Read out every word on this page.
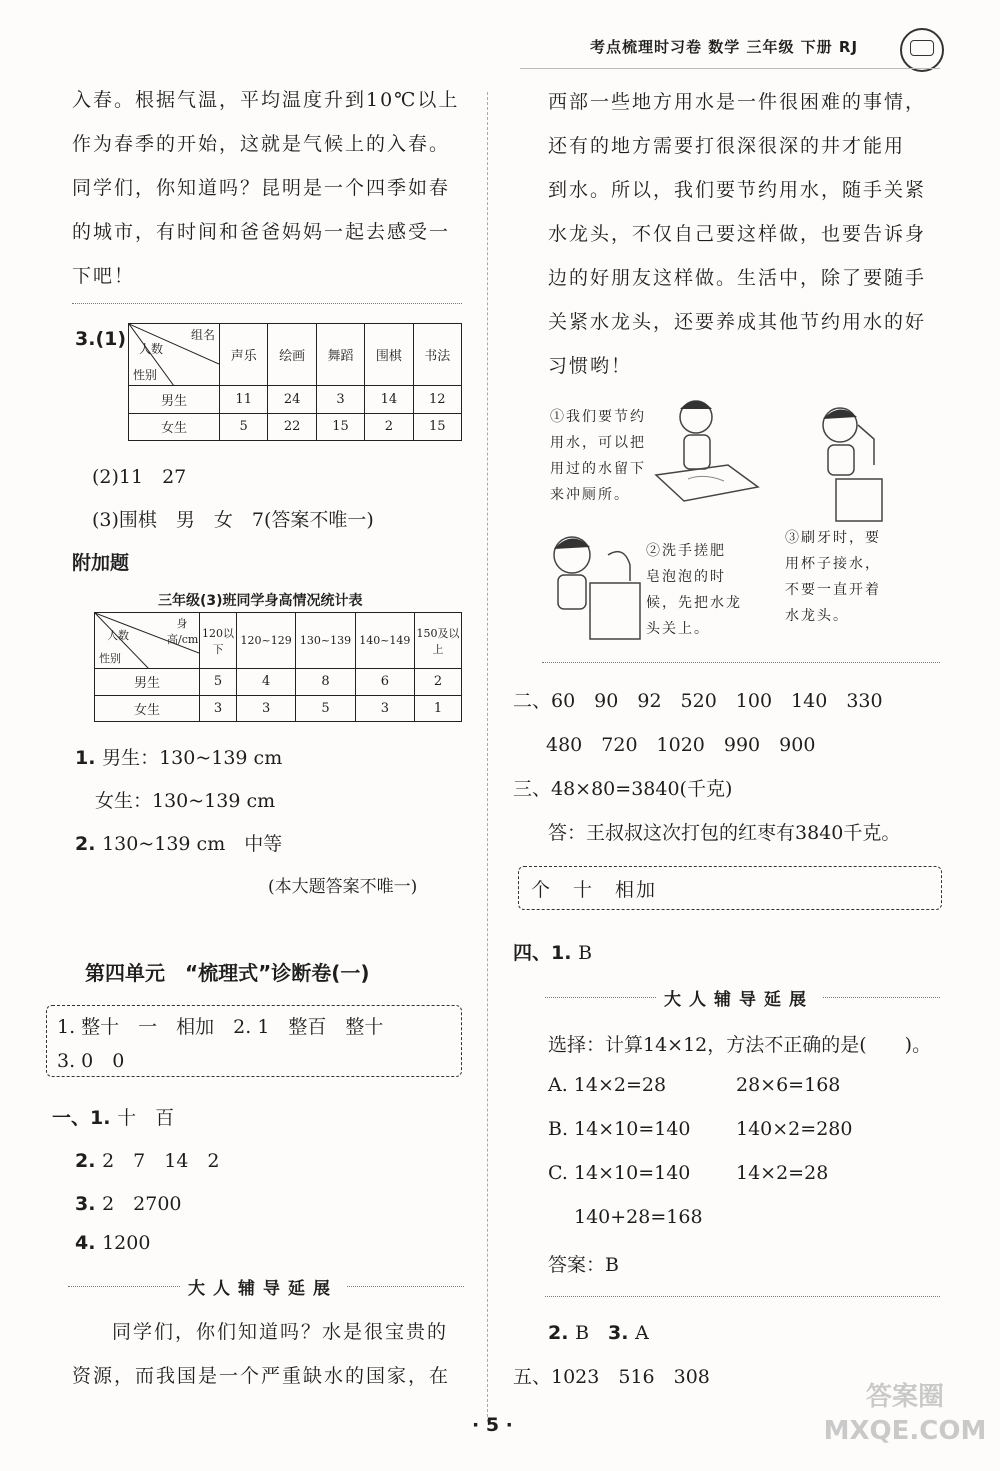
考点梳理时习卷 数学 三年级 下册 RJ
入春。根据气温，平均温度升到10℃以上
作为春季的开始，这就是气候上的入春。
同学们，你知道吗？昆明是一个四季如春
的城市，有时间和爸爸妈妈一起去感受一
下吧！
3.(1)	组名
人数
性别	声乐	绘画	舞蹈	围棋	书法
男生	11	24	3	14	12
女生	5	22	15	2	15
(2)11　27
(3)围棋　男　女　7(答案不唯一)
附加题
三年级(3)班同学身高情况统计表
身高/cm
人数
性别	120以下	120~129	130~139	140~149	150及以上
男生	5	4	8	6	2
女生	3	3	5	3	1
1. 男生：130~139 cm
女生：130~139 cm
2. 130~139 cm　中等
(本大题答案不唯一)
第四单元　“梳理式”诊断卷(一)
1. 整十　一　相加　2. 1　整百　整十
3. 0　0
一、1. 十　百
2. 2　7　14　2
3. 2　2700
4. 1200
大人辅导延展
同学们，你们知道吗？水是很宝贵的
资源，而我国是一个严重缺水的国家，在
西部一些地方用水是一件很困难的事情，
还有的地方需要打很深很深的井才能用
到水。所以，我们要节约用水，随手关紧
水龙头，不仅自己要这样做，也要告诉身
边的好朋友这样做。生活中，除了要随手
关紧水龙头，还要养成其他节约用水的好
习惯哟！
①我们要节约
用水，可以把
用过的水留下
来冲厕所。
②洗手搓肥
皂泡泡的时
候，先把水龙
头关上。
③刷牙时，要
用杯子接水，
不要一直开着
水龙头。
二、60　90　92　520　100　140　330
480　720　1020　990　900
三、48×80=3840(千克)
答：王叔叔这次打包的红枣有3840千克。
个　十　相加
四、1. B
大人辅导延展
选择：计算14×12，方法不正确的是(　　)。
A. 14×2=28	28×6=168
B. 14×10=140 140×2=280
C. 14×10=140 14×2=28
140+28=168
答案：B
2. B　3. A
五、1023　516　308
· 5 ·
答案圈 MXQE.COM
